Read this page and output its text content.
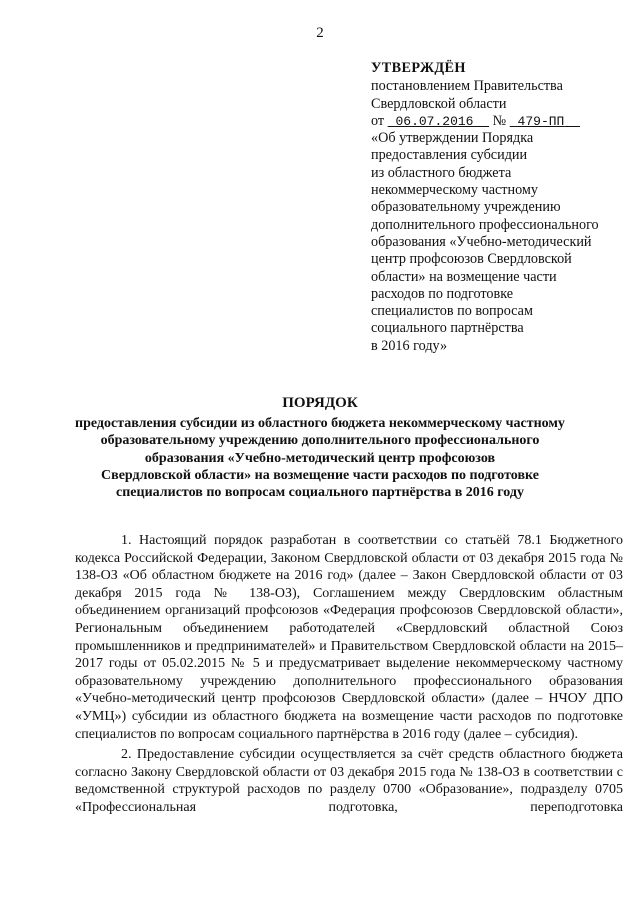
2
УТВЕРЖДЁН
постановлением Правительства
Свердловской области
от 06.07.2016 № 479-ПП
«Об утверждении Порядка
предоставления субсидии
из областного бюджета
некоммерческому частному
образовательному учреждению
дополнительного профессионального
образования «Учебно-методический
центр профсоюзов Свердловской
области» на возмещение части
расходов по подготовке
специалистов по вопросам
социального партнёрства
в 2016 году»
ПОРЯДОК
предоставления субсидии из областного бюджета некоммерческому частному
образовательному учреждению дополнительного профессионального
образования «Учебно-методический центр профсоюзов
Свердловской области» на возмещение части расходов по подготовке
специалистов по вопросам социального партнёрства в 2016 году

1. Настоящий порядок разработан в соответствии со статьёй 78.1 Бюджетного кодекса Российской Федерации, Законом Свердловской области от 03 декабря 2015 года № 138-ОЗ «Об областном бюджете на 2016 год» (далее – Закон Свердловской области от 03 декабря 2015 года № 138-ОЗ), Соглашением между Свердловским областным объединением организаций профсоюзов «Федерация профсоюзов Свердловской области», Региональным объединением работодателей «Свердловский областной Союз промышленников и предпринимателей» и Правительством Свердловской области на 2015–2017 годы от 05.02.2015 № 5 и предусматривает выделение некоммерческому частному образовательному учреждению дополнительного профессионального образования «Учебно-методический центр профсоюзов Свердловской области» (далее – НЧОУ ДПО «УМЦ») субсидии из областного бюджета на возмещение части расходов по подготовке специалистов по вопросам социального партнёрства в 2016 году (далее – субсидия).

2. Предоставление субсидии осуществляется за счёт средств областного бюджета согласно Закону Свердловской области от 03 декабря 2015 года № 138-ОЗ в соответствии с ведомственной структурой расходов по разделу 0700 «Образование», подразделу 0705 «Профессиональная подготовка, переподготовка
